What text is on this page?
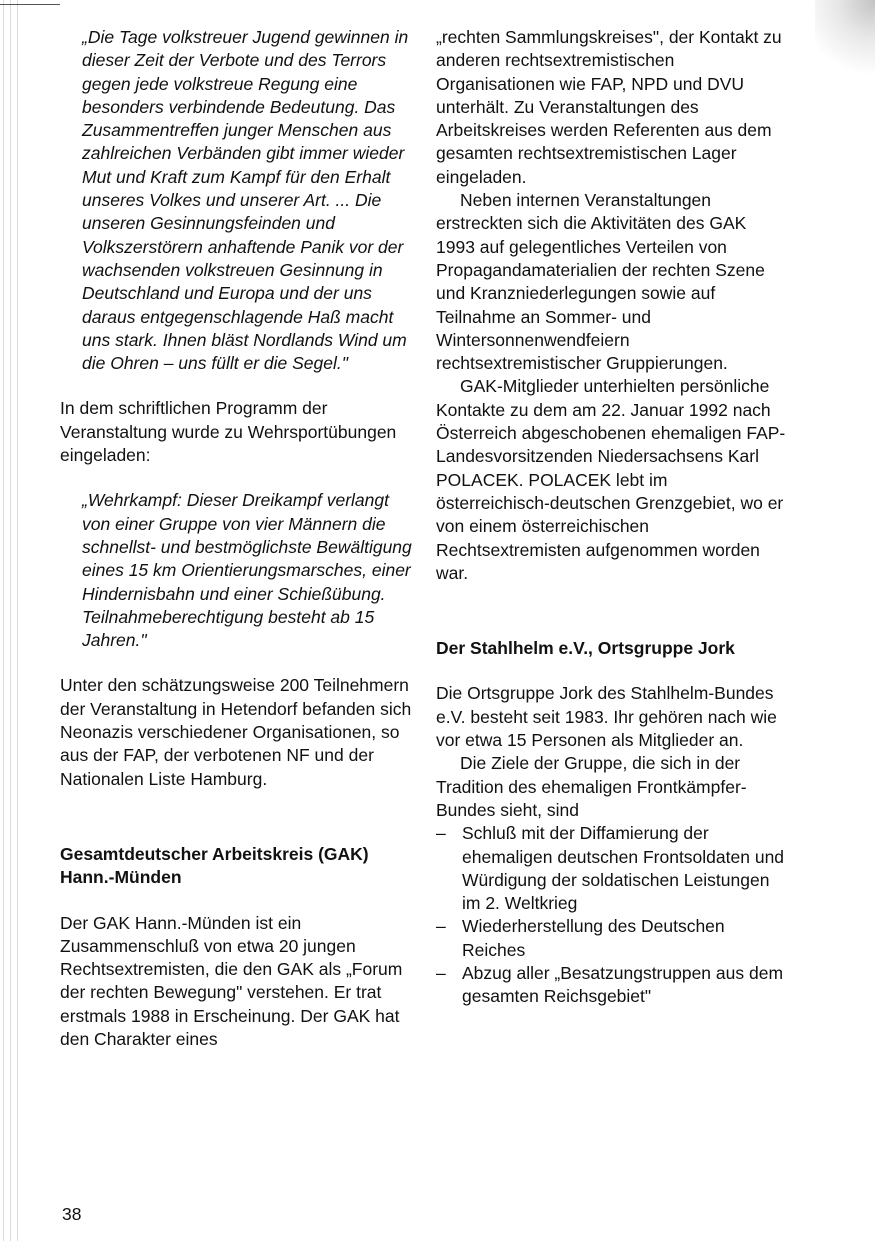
„Die Tage volkstreuer Jugend gewinnen in dieser Zeit der Verbote und des Terrors gegen jede volkstreue Regung eine besonders verbindende Bedeutung. Das Zusammentreffen junger Menschen aus zahlreichen Verbänden gibt immer wieder Mut und Kraft zum Kampf für den Erhalt unseres Volkes und unserer Art. ... Die unseren Gesinnungsfeinden und Volkszerstörern anhaftende Panik vor der wachsenden volkstreuen Gesinnung in Deutschland und Europa und der uns daraus entgegenschlagende Haß macht uns stark. Ihnen bläst Nordlands Wind um die Ohren – uns füllt er die Segel."

In dem schriftlichen Programm der Veranstaltung wurde zu Wehrsportübungen eingeladen:

„Wehrkampf: Dieser Dreikampf verlangt von einer Gruppe von vier Männern die schnellst- und bestmöglichste Bewältigung eines 15 km Orientierungsmarsches, einer Hindernisbahn und einer Schießübung. Teilnahmeberechtigung besteht ab 15 Jahren."

Unter den schätzungsweise 200 Teilnehmern der Veranstaltung in Hetendorf befanden sich Neonazis verschiedener Organisationen, so aus der FAP, der verbotenen NF und der Nationalen Liste Hamburg.

Gesamtdeutscher Arbeitskreis (GAK) Hann.-Münden

Der GAK Hann.-Münden ist ein Zusammenschluß von etwa 20 jungen Rechtsextremisten, die den GAK als „Forum der rechten Bewegung" verstehen. Er trat erstmals 1988 in Erscheinung. Der GAK hat den Charakter eines

„rechten Sammlungskreises", der Kontakt zu anderen rechtsextremistischen Organisationen wie FAP, NPD und DVU unterhält. Zu Veranstaltungen des Arbeitskreises werden Referenten aus dem gesamten rechtsextremistischen Lager eingeladen.

Neben internen Veranstaltungen erstreckten sich die Aktivitäten des GAK 1993 auf gelegentliches Verteilen von Propagandamaterialien der rechten Szene und Kranzniederlegungen sowie auf Teilnahme an Sommer- und Wintersonnenwendfeiern rechtsextremistischer Gruppierungen.

GAK-Mitglieder unterhielten persönliche Kontakte zu dem am 22. Januar 1992 nach Österreich abgeschobenen ehemaligen FAP-Landesvorsitzenden Niedersachsens Karl POLACEK. POLACEK lebt im österreichisch-deutschen Grenzgebiet, wo er von einem österreichischen Rechtsextremisten aufgenommen worden war.

Der Stahlhelm e.V., Ortsgruppe Jork

Die Ortsgruppe Jork des Stahlhelm-Bundes e.V. besteht seit 1983. Ihr gehören nach wie vor etwa 15 Personen als Mitglieder an.

Die Ziele der Gruppe, die sich in der Tradition des ehemaligen Frontkämpfer-Bundes sieht, sind

– Schluß mit der Diffamierung der ehemaligen deutschen Frontsoldaten und Würdigung der soldatischen Leistungen im 2. Weltkrieg
– Wiederherstellung des Deutschen Reiches
– Abzug aller „Besatzungstruppen aus dem gesamten Reichsgebiet"
38
